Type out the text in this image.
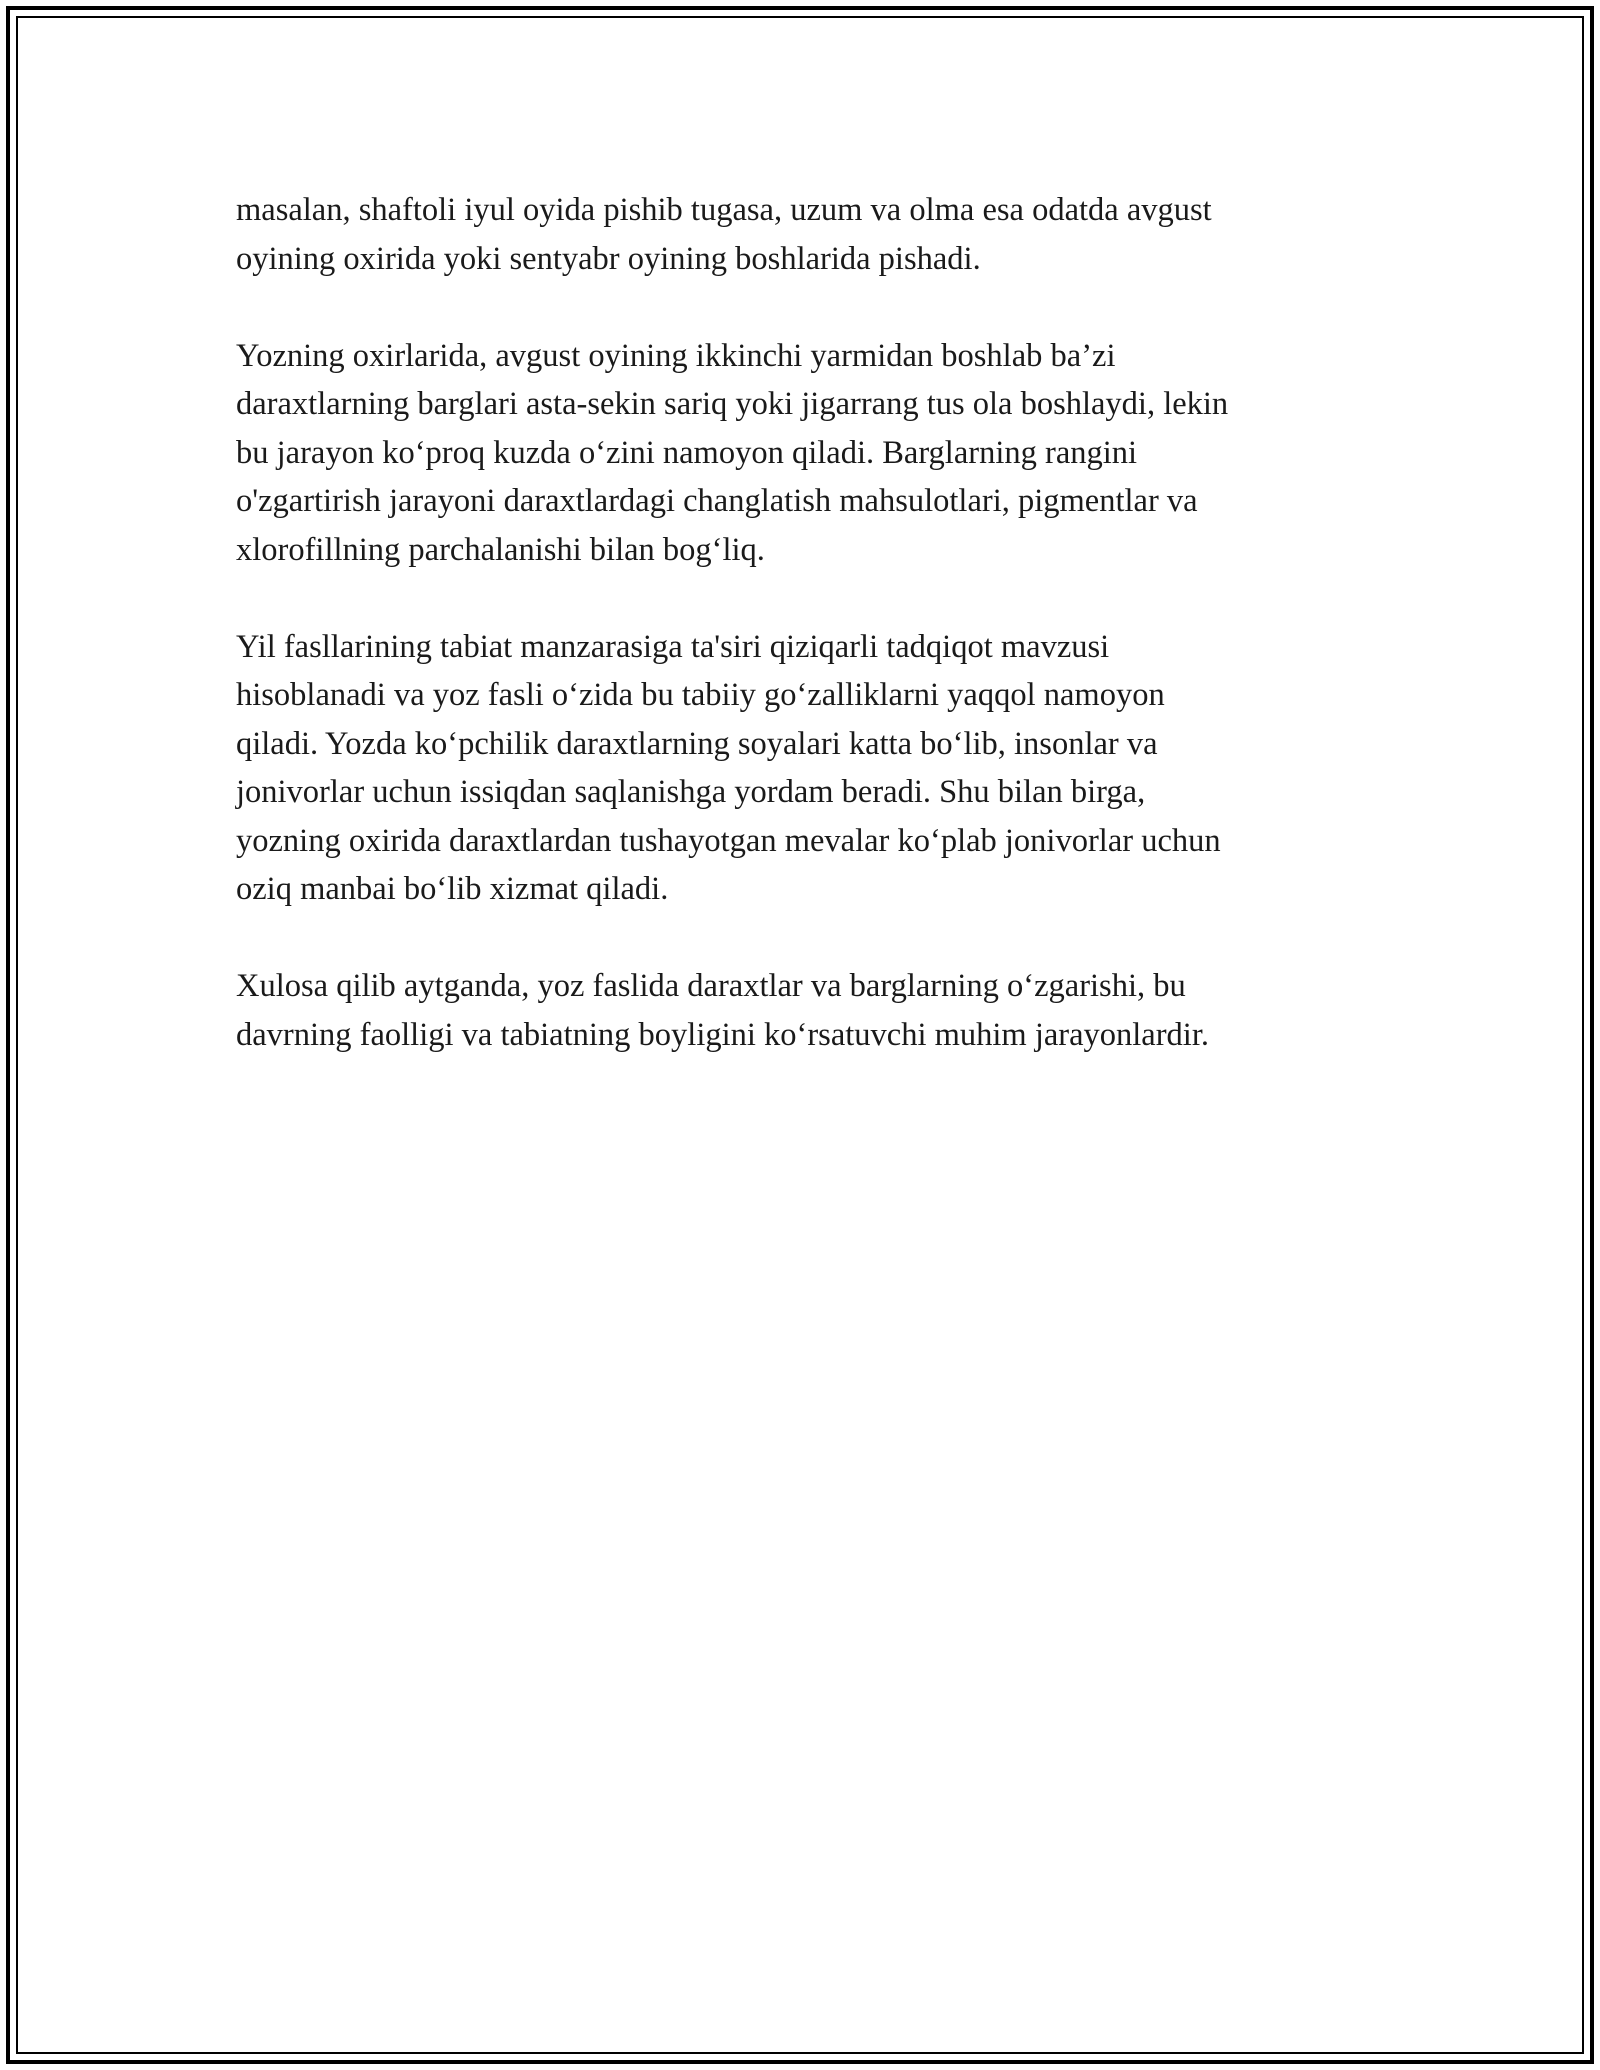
masalan, shaftoli iyul oyida pishib tugasa, uzum va olma esa odatda avgust
oyining oxirida yoki sentyabr oyining boshlarida pishadi.

Yozning oxirlarida, avgust oyining ikkinchi yarmidan boshlab ba’zi
daraxtlarning barglari asta-sekin sariq yoki jigarrang tus ola boshlaydi, lekin
bu jarayon ko‘proq kuzda o‘zini namoyon qiladi. Barglarning rangini
o'zgartirish jarayoni daraxtlardagi changlatish mahsulotlari, pigmentlar va
xlorofillning parchalanishi bilan bog‘liq.

Yil fasllarining tabiat manzarasiga ta'siri qiziqarli tadqiqot mavzusi
hisoblanadi va yoz fasli o‘zida bu tabiiy go‘zalliklarni yaqqol namoyon
qiladi. Yozda ko‘pchilik daraxtlarning soyalari katta bo‘lib, insonlar va
jonivorlar uchun issiqdan saqlanishga yordam beradi. Shu bilan birga,
yozning oxirida daraxtlardan tushayotgan mevalar ko‘plab jonivorlar uchun
oziq manbai bo‘lib xizmat qiladi.

Xulosa qilib aytganda, yoz faslida daraxtlar va barglarning o‘zgarishi, bu
davrning faolligi va tabiatning boyligini ko‘rsatuvchi muhim jarayonlardir.
